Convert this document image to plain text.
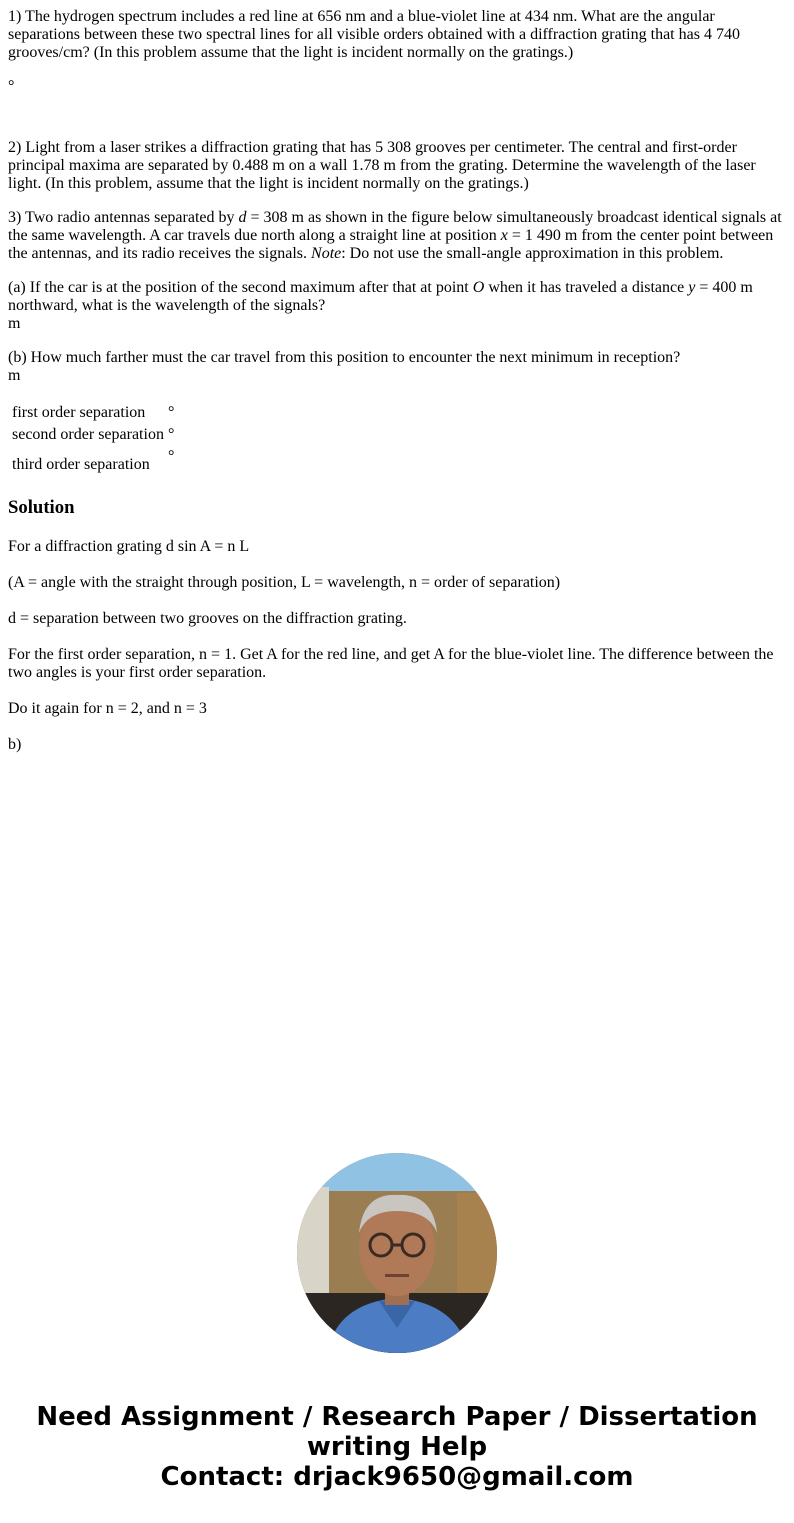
1) The hydrogen spectrum includes a red line at 656 nm and a blue-violet line at 434 nm. What are the angular separations between these two spectral lines for all visible orders obtained with a diffraction grating that has 4 740 grooves/cm? (In this problem assume that the light is incident normally on the gratings.)

°

2) Light from a laser strikes a diffraction grating that has 5 308 grooves per centimeter. The central and first-order principal maxima are separated by 0.488 m on a wall 1.78 m from the grating. Determine the wavelength of the laser light. (In this problem, assume that the light is incident normally on the gratings.)

3) Two radio antennas separated by d = 308 m as shown in the figure below simultaneously broadcast identical signals at the same wavelength. A car travels due north along a straight line at position x = 1 490 m from the center point between the antennas, and its radio receives the signals. Note: Do not use the small-angle approximation in this problem.

(a) If the car is at the position of the second maximum after that at point O when it has traveled a distance y = 400 m northward, what is the wavelength of the signals?
m

(b) How much farther must the car travel from this position to encounter the next minimum in reception?
m

first order separation	°
second order separation	°
third order separation	°
Solution

For a diffraction grating d sin A = n L

(A = angle with the straight through position, L = wavelength, n = order of separation)

d = separation between two grooves on the diffraction grating.

For the first order separation, n = 1. Get A for the red line, and get A for the blue-violet line. The difference between the two angles is your first order separation.

Do it again for n = 2, and n = 3

b)

Need Assignment / Research Paper / Dissertation
writing Help
Contact: drjack9650@gmail.com
